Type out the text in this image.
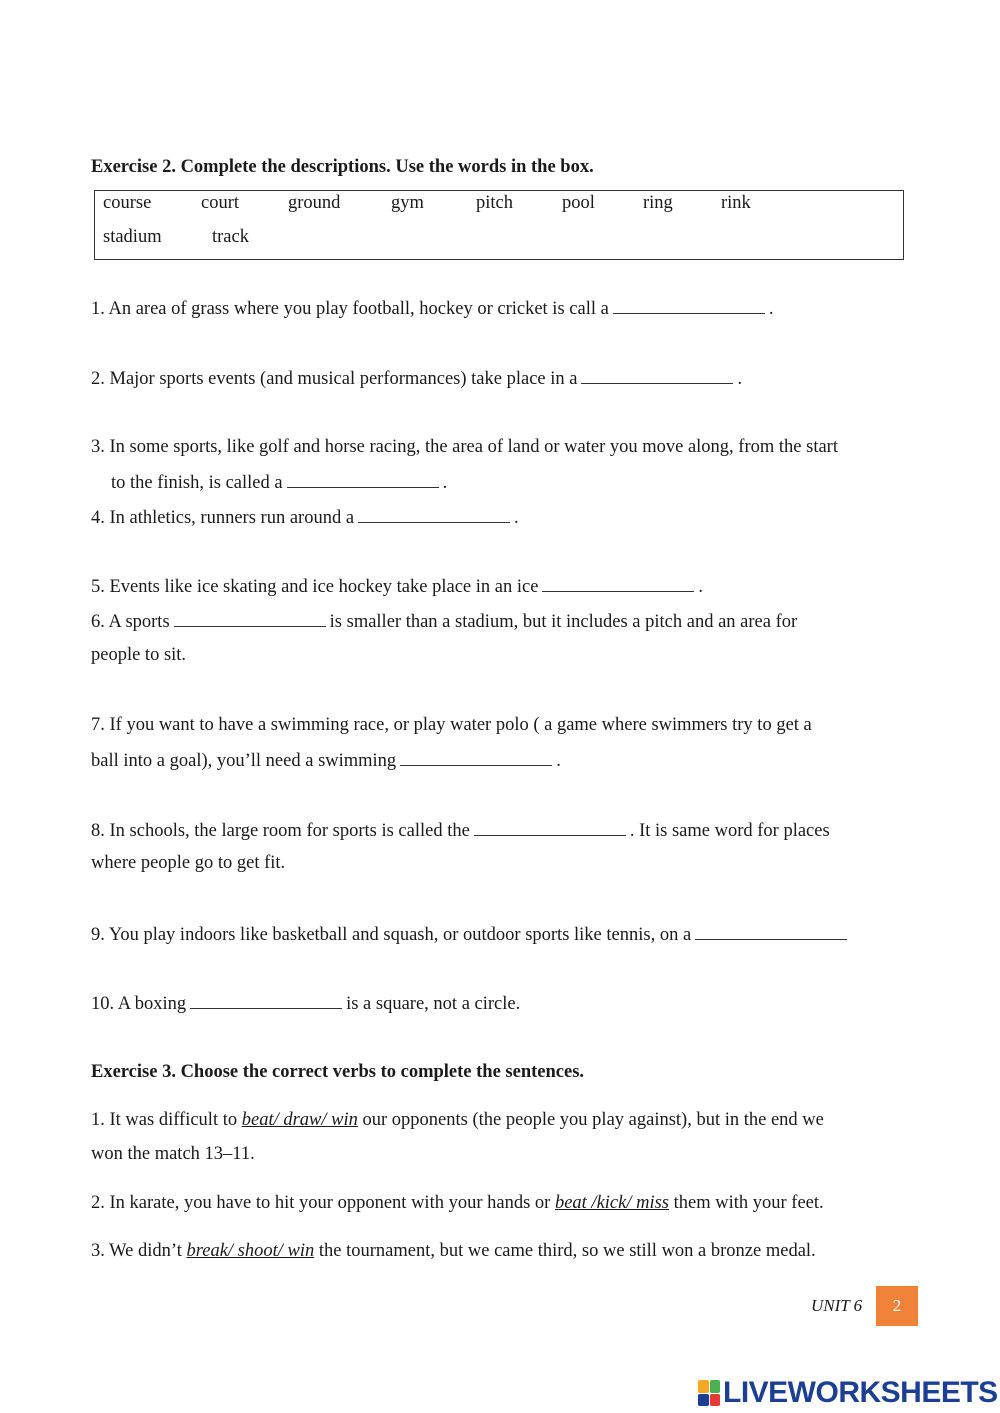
Exercise 2. Complete the descriptions. Use the words in the box.
course	court	ground	gym	pitch	pool	ring	rink
stadium	track
1. An area of grass where you play football, hockey or cricket is call a	.
2. Major sports events (and musical performances) take place in a	.
3. In some sports, like golf and horse racing, the area of land or water you move along, from the start
to the finish, is called a	.
4. In athletics, runners run around a	.
5. Events like ice skating and ice hockey take place in an ice	.
6. A sports	is smaller than a stadium, but it includes a pitch and an area for
people to sit.
7. If you want to have a swimming race, or play water polo ( a game where swimmers try to get a
ball into a goal), you’ll need a swimming	.
8. In schools, the large room for sports is called the	. It is same word for places
where people go to get fit.
9. You play indoors like basketball and squash, or outdoor sports like tennis, on a
10. A boxing	is a square, not a circle.
Exercise 3. Choose the correct verbs to complete the sentences.
1. It was difficult to beat/ draw/ win our opponents (the people you play against), but in the end we
won the match 13–11.
2. In karate, you have to hit your opponent with your hands or beat /kick/ miss them with your feet.
3. We didn’t break/ shoot/ win the tournament, but we came third, so we still won a bronze medal.
UNIT 6	2
LIVEWORKSHEETS
